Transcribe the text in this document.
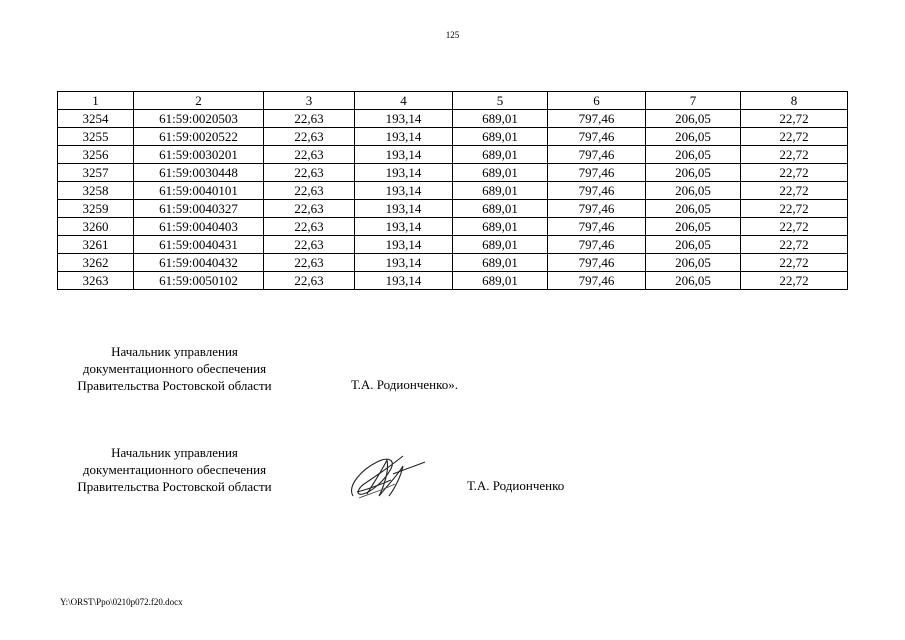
125
1	2	3	4	5	6	7	8
3254	61:59:0020503	22,63	193,14	689,01	797,46	206,05	22,72
3255	61:59:0020522	22,63	193,14	689,01	797,46	206,05	22,72
3256	61:59:0030201	22,63	193,14	689,01	797,46	206,05	22,72
3257	61:59:0030448	22,63	193,14	689,01	797,46	206,05	22,72
3258	61:59:0040101	22,63	193,14	689,01	797,46	206,05	22,72
3259	61:59:0040327	22,63	193,14	689,01	797,46	206,05	22,72
3260	61:59:0040403	22,63	193,14	689,01	797,46	206,05	22,72
3261	61:59:0040431	22,63	193,14	689,01	797,46	206,05	22,72
3262	61:59:0040432	22,63	193,14	689,01	797,46	206,05	22,72
3263	61:59:0050102	22,63	193,14	689,01	797,46	206,05	22,72
Начальник управления
документационного обеспечения
Правительства Ростовской области	Т.А. Родионченко».
Начальник управления
документационного обеспечения
Правительства Ростовской области	Т.А. Родионченко
Y:\ORST\Ppo\0210p072.f20.docx
